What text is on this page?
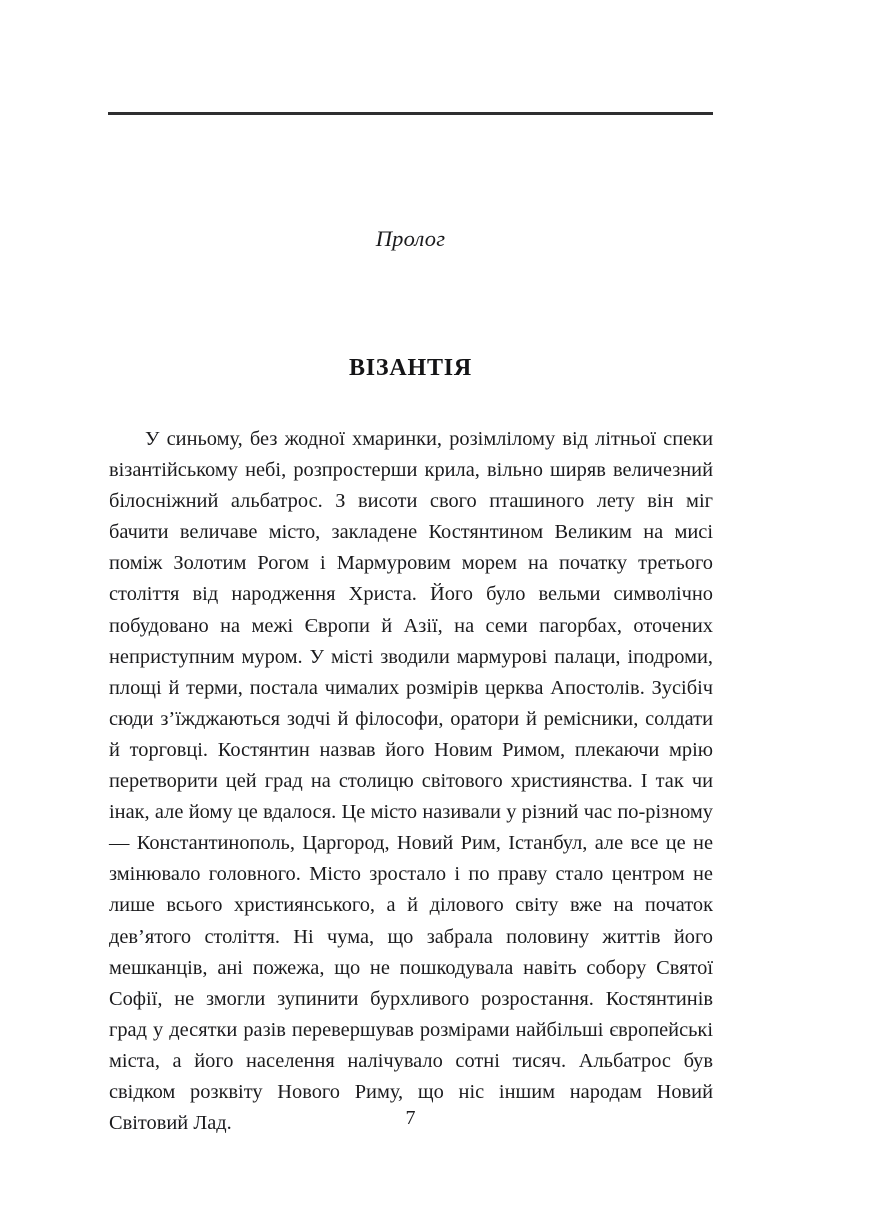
Пролог
ВІЗАНТІЯ

У синьому, без жодної хмаринки, розімлілому від літньої спеки візантійському небі, розпростерши крила, вільно ширяв величезний білосніжний альбатрос. З висоти свого пташиного лету він міг бачити величаве місто, закладене Костянтином Великим на мисі поміж Золотим Рогом і Мармуровим морем на початку третього століття від народження Христа. Його було вельми символічно побудовано на межі Європи й Азії, на семи пагорбах, оточених неприступним муром. У місті зводили мармурові палаци, іподроми, площі й терми, постала чималих розмірів церква Апостолів. Зусібіч сюди з’їжджаються зодчі й філософи, оратори й ремісники, солдати й торговці. Костянтин назвав його Новим Римом, плекаючи мрію перетворити цей град на столицю світового християнства. І так чи інак, але йому це вдалося. Це місто називали у різний час по-різному — Константинополь, Царгород, Новий Рим, Істанбул, але все це не змінювало головного. Місто зростало і по праву стало центром не лише всього християнського, а й ділового світу вже на початок дев’ятого століття. Ні чума, що забрала половину життів його мешканців, ані пожежа, що не пошкодувала навіть собору Святої Софії, не змогли зупинити бурхливого розростання. Костянтинів град у десятки разів перевершував розмірами найбільші європейські міста, а його населення налічувало сотні тисяч. Альбатрос був свідком розквіту Нового Риму, що ніс іншим народам Новий Світовий Лад.	7
